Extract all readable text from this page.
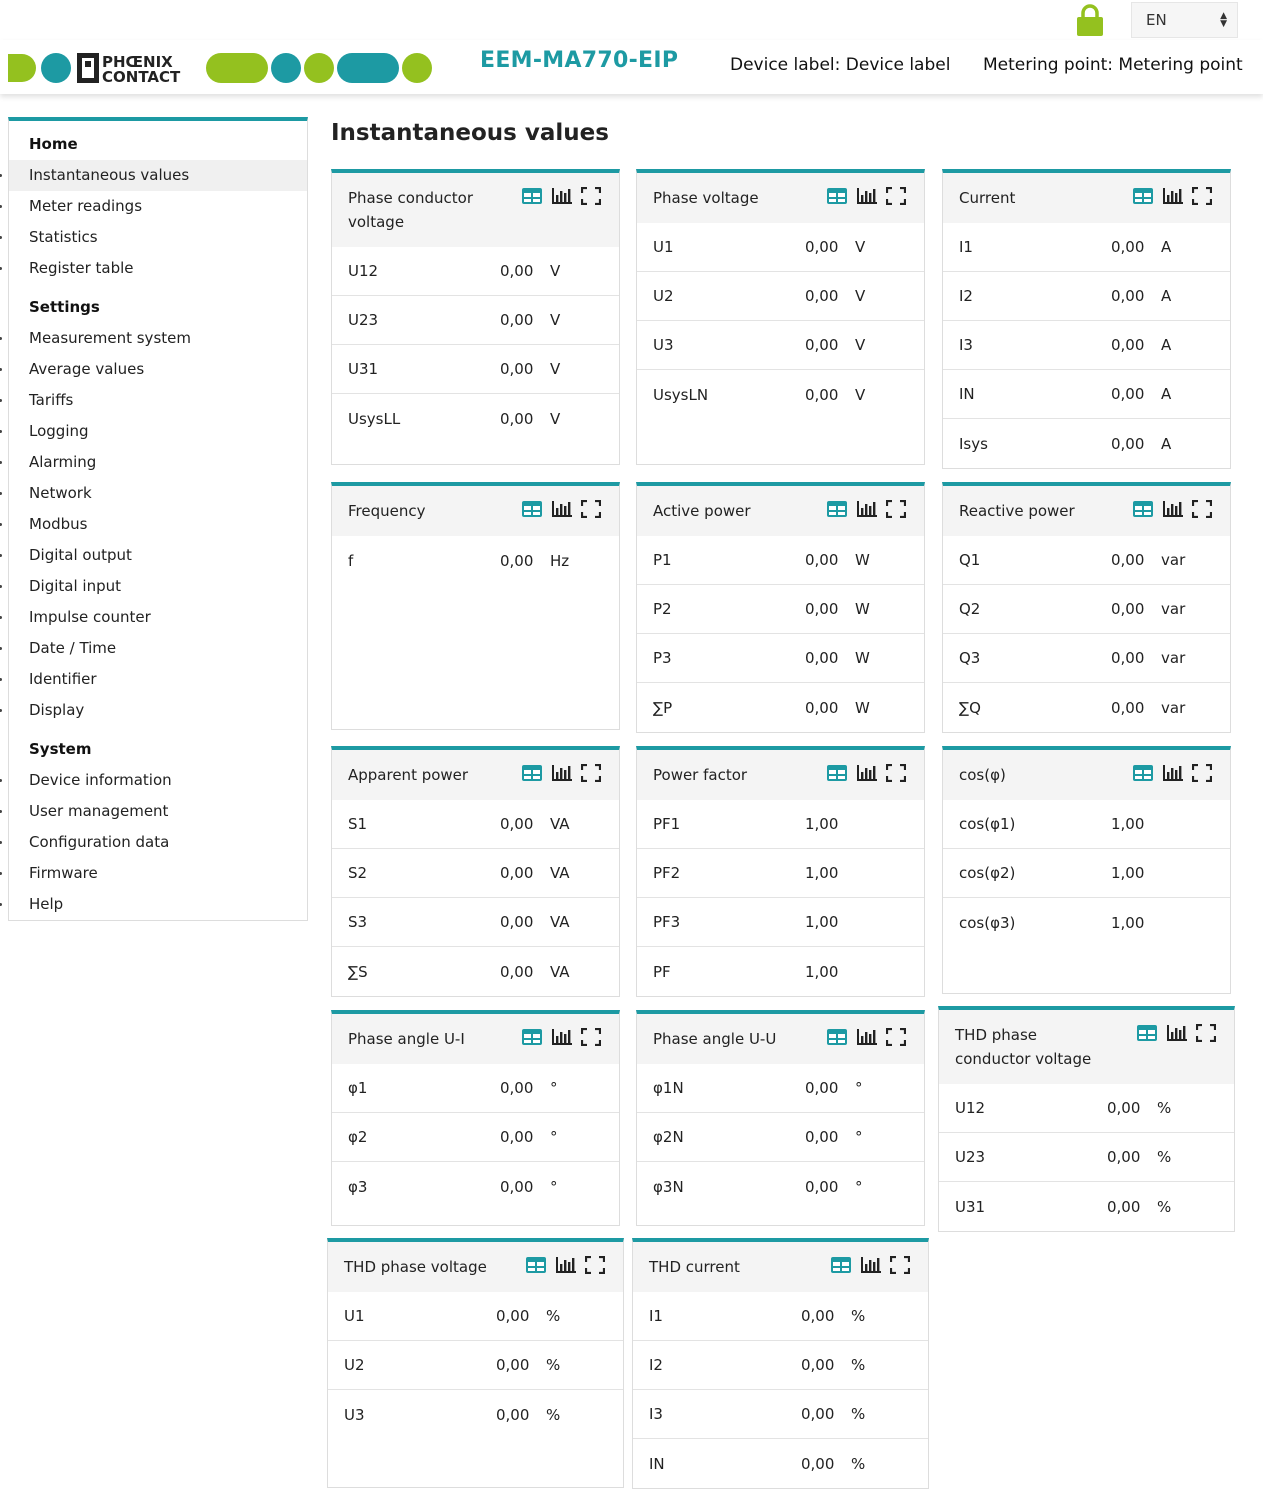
EN	▲
▼
PHŒNIX
CONTACT
EEM-MA770-EIP	Device label: Device label Metering point: Metering point
Home
Instantaneous values
Meter readings
Statistics
Register table
Settings
Measurement system
Average values
Tariffs
Logging
Alarming
Network
Modbus
Digital output
Digital input
Impulse counter
Date / Time
Identifier
Display
System
Device information
User management
Configuration data
Firmware
Help
Instantaneous values
Phase conductor voltage
U12	0,00	V
U23	0,00	V
U31	0,00	V
UsysLL	0,00	V
Phase voltage
U1	0,00	V
U2	0,00	V
U3	0,00	V
UsysLN	0,00	V
Current
I1	0,00	A
I2	0,00	A
I3	0,00	A
IN	0,00	A
Isys	0,00	A
Frequency
f	0,00	Hz
Active power
P1	0,00	W
P2	0,00	W
P3	0,00	W
∑P	0,00	W
Reactive power
Q1	0,00	var
Q2	0,00	var
Q3	0,00	var
∑Q	0,00	var
Apparent power
S1	0,00	VA
S2	0,00	VA
S3	0,00	VA
∑S	0,00	VA
Power factor
PF1	1,00
PF2	1,00
PF3	1,00
PF	1,00
cos(φ)
cos(φ1)	1,00
cos(φ2)	1,00
cos(φ3)	1,00
Phase angle U-I
φ1	0,00	°
φ2	0,00	°
φ3	0,00	°
Phase angle U-U
φ1N	0,00	°
φ2N	0,00	°
φ3N	0,00	°
THD phase conductor voltage
U12	0,00	%
U23	0,00	%
U31	0,00	%
THD phase voltage
U1	0,00	%
U2	0,00	%
U3	0,00	%
THD current
I1	0,00	%
I2	0,00	%
I3	0,00	%
IN	0,00	%
